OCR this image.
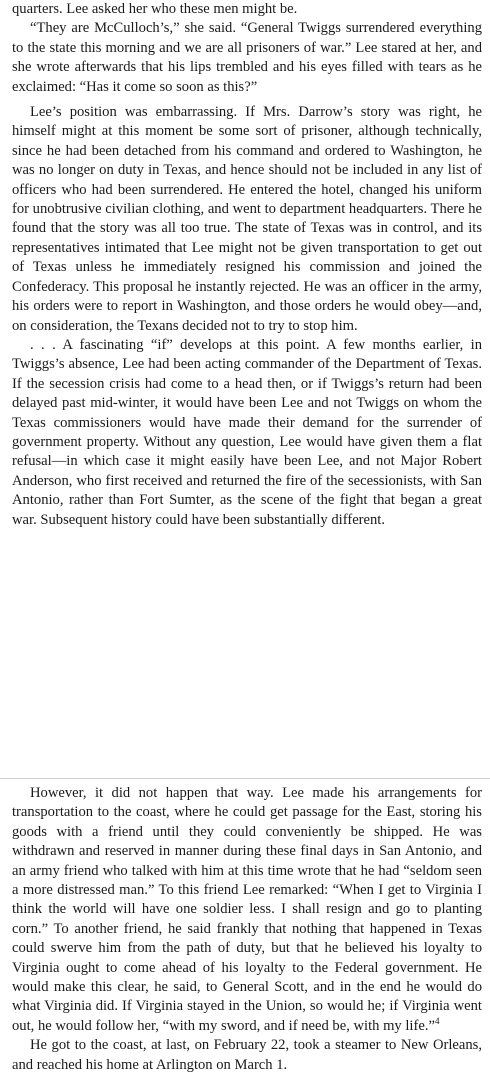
quarters. Lee asked her who these men might be.

“They are McCulloch’s,” she said. “General Twiggs surrendered everything to the state this morning and we are all prisoners of war.” Lee stared at her, and she wrote afterwards that his lips trembled and his eyes filled with tears as he exclaimed: “Has it come so soon as this?”

Lee’s position was embarrassing. If Mrs. Darrow’s story was right, he himself might at this moment be some sort of prisoner, although technically, since he had been detached from his command and ordered to Washington, he was no longer on duty in Texas, and hence should not be included in any list of officers who had been surrendered. He entered the hotel, changed his uniform for unobtrusive civilian clothing, and went to department headquarters. There he found that the story was all too true. The state of Texas was in control, and its representatives intimated that Lee might not be given transportation to get out of Texas unless he immediately resigned his commission and joined the Confederacy. This proposal he instantly rejected. He was an officer in the army, his orders were to report in Washington, and those orders he would obey—and, on consideration, the Texans decided not to try to stop him.

. . . A fascinating “if” develops at this point. A few months earlier, in Twiggs’s absence, Lee had been acting commander of the Department of Texas. If the secession crisis had come to a head then, or if Twiggs’s return had been delayed past mid-winter, it would have been Lee and not Twiggs on whom the Texas commissioners would have made their demand for the surrender of government property. Without any question, Lee would have given them a flat refusal—in which case it might easily have been Lee, and not Major Robert Anderson, who first received and returned the fire of the secessionists, with San Antonio, rather than Fort Sumter, as the scene of the fight that began a great war. Subsequent history could have been substantially different.

However, it did not happen that way. Lee made his arrangements for transportation to the coast, where he could get passage for the East, storing his goods with a friend until they could conveniently be shipped. He was withdrawn and reserved in manner during these final days in San Antonio, and an army friend who talked with him at this time wrote that he had “seldom seen a more distressed man.” To this friend Lee remarked: “When I get to Virginia I think the world will have one soldier less. I shall resign and go to planting corn.” To another friend, he said frankly that nothing that happened in Texas could swerve him from the path of duty, but that he believed his loyalty to Virginia ought to come ahead of his loyalty to the Federal government. He would make this clear, he said, to General Scott, and in the end he would do what Virginia did. If Virginia stayed in the Union, so would he; if Virginia went out, he would follow her, “with my sword, and if need be, with my life.”$^4$

He got to the coast, at last, on February 22, took a steamer to New Orleans, and reached his home at Arlington on March 1.
